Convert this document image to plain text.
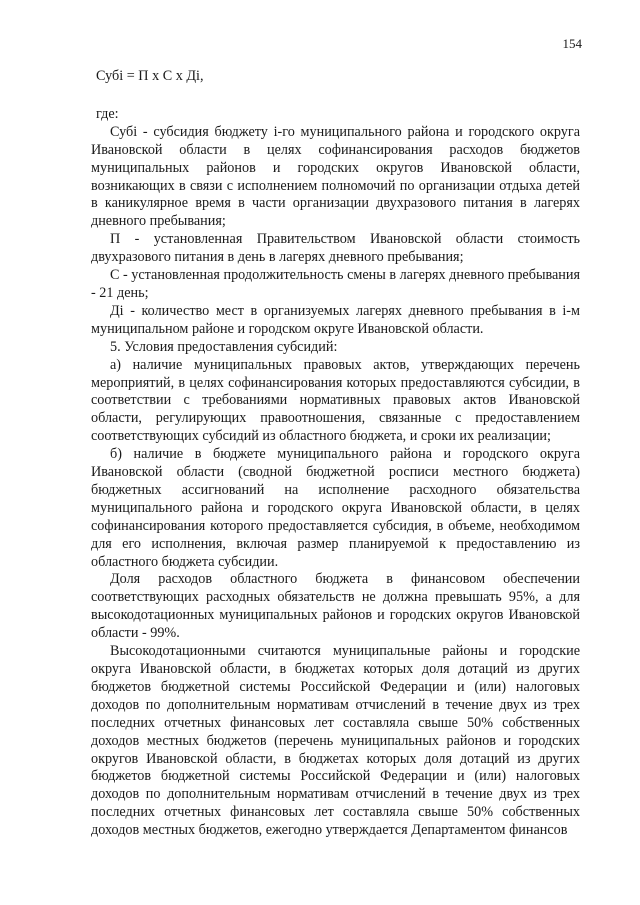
154

Субі = П х С х Ді,

где:

Субі - субсидия бюджету і-го муниципального района и городского округа Ивановской области в целях софинансирования расходов бюджетов муниципальных районов и городских округов Ивановской области, возникающих в связи с исполнением полномочий по организации отдыха детей в каникулярное время в части организации двухразового питания в лагерях дневного пребывания;

П - установленная Правительством Ивановской области стоимость двухразового питания в день в лагерях дневного пребывания;

С - установленная продолжительность смены в лагерях дневного пребывания - 21 день;

Ді - количество мест в организуемых лагерях дневного пребывания в і-м муниципальном районе и городском округе Ивановской области.

5. Условия предоставления субсидий:

а) наличие муниципальных правовых актов, утверждающих перечень мероприятий, в целях софинансирования которых предоставляются субсидии, в соответствии с требованиями нормативных правовых актов Ивановской области, регулирующих правоотношения, связанные с предоставлением соответствующих субсидий из областного бюджета, и сроки их реализации;

б) наличие в бюджете муниципального района и городского округа Ивановской области (сводной бюджетной росписи местного бюджета) бюджетных ассигнований на исполнение расходного обязательства муниципального района и городского округа Ивановской области, в целях софинансирования которого предоставляется субсидия, в объеме, необходимом для его исполнения, включая размер планируемой к предоставлению из областного бюджета субсидии.

Доля расходов областного бюджета в финансовом обеспечении соответствующих расходных обязательств не должна превышать 95%, а для высокодотационных муниципальных районов и городских округов Ивановской области - 99%.

Высокодотационными считаются муниципальные районы и городские округа Ивановской области, в бюджетах которых доля дотаций из других бюджетов бюджетной системы Российской Федерации и (или) налоговых доходов по дополнительным нормативам отчислений в течение двух из трех последних отчетных финансовых лет составляла свыше 50% собственных доходов местных бюджетов (перечень муниципальных районов и городских округов Ивановской области, в бюджетах которых доля дотаций из других бюджетов бюджетной системы Российской Федерации и (или) налоговых доходов по дополнительным нормативам отчислений в течение двух из трех последних отчетных финансовых лет составляла свыше 50% собственных доходов местных бюджетов, ежегодно утверждается Департаментом финансов
